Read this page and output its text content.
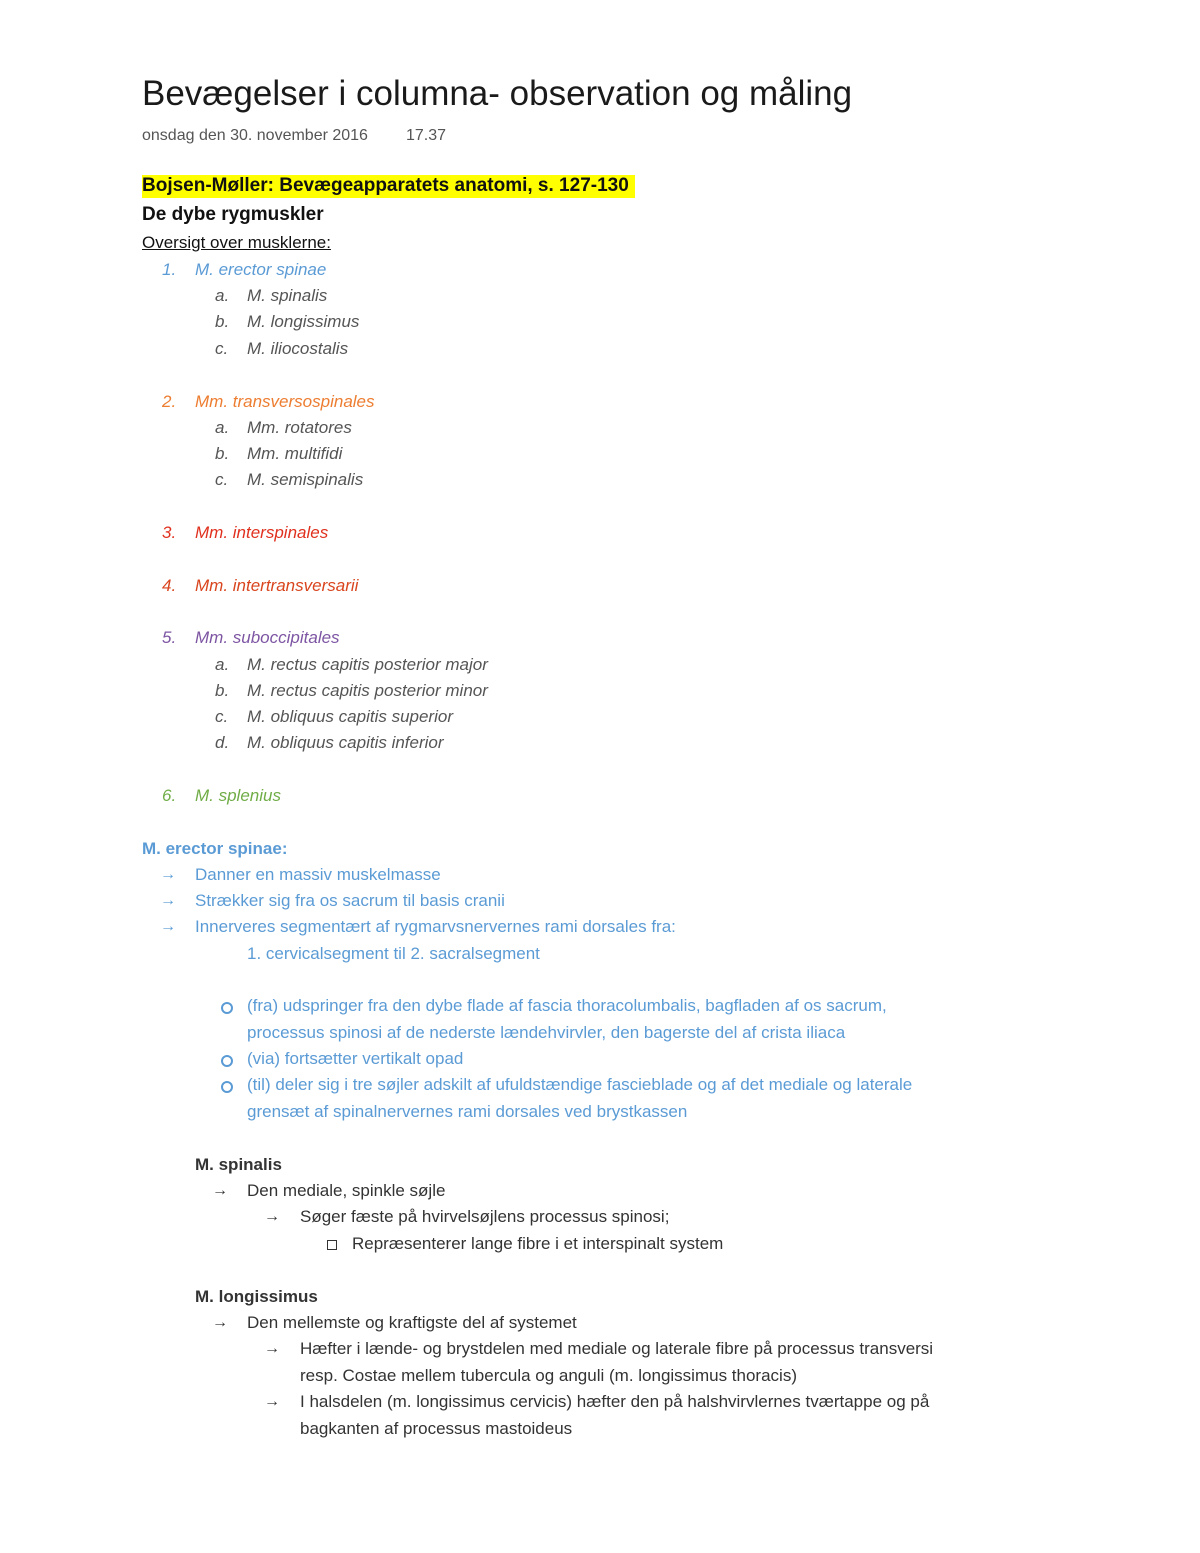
Bevægelser i columna- observation og måling
onsdag den 30. november 2016 17.37
Bojsen-Møller: Bevægeapparatets anatomi, s. 127-130
De dybe rygmuskler
Oversigt over musklerne:
1. M. erector spinae
a. M. spinalis
b. M. longissimus
c. M. iliocostalis
2. Mm. transversospinales
a. Mm. rotatores
b. Mm. multifidi
c. M. semispinalis
3. Mm. interspinales
4. Mm. intertransversarii
5. Mm. suboccipitales
a. M. rectus capitis posterior major
b. M. rectus capitis posterior minor
c. M. obliquus capitis superior
d. M. obliquus capitis inferior
6. M. splenius
M. erector spinae:
→ Danner en massiv muskelmasse
→ Strækker sig fra os sacrum til basis cranii
→ Innerveres segmentært af rygmarvsnervernes rami dorsales fra:
1. cervicalsegment til 2. sacralsegment
(fra) udspringer fra den dybe flade af fascia thoracolumbalis, bagfladen af os sacrum,
processus spinosi af de nederste lændehvirvler, den bagerste del af crista iliaca
(via) fortsætter vertikalt opad
(til) deler sig i tre søjler adskilt af ufuldstændige fascieblade og af det mediale og laterale
grensæt af spinalnervernes rami dorsales ved brystkassen
M. spinalis
→ Den mediale, spinkle søjle
→ Søger fæste på hvirvelsøjlens processus spinosi;
Repræsenterer lange fibre i et interspinalt system
M. longissimus
→ Den mellemste og kraftigste del af systemet
→ Hæfter i lænde- og brystdelen med mediale og laterale fibre på processus transversi
resp. Costae mellem tubercula og anguli (m. longissimus thoracis)
→ I halsdelen (m. longissimus cervicis) hæfter den på halshvirvlernes tværtappe og på
bagkanten af processus mastoideus
